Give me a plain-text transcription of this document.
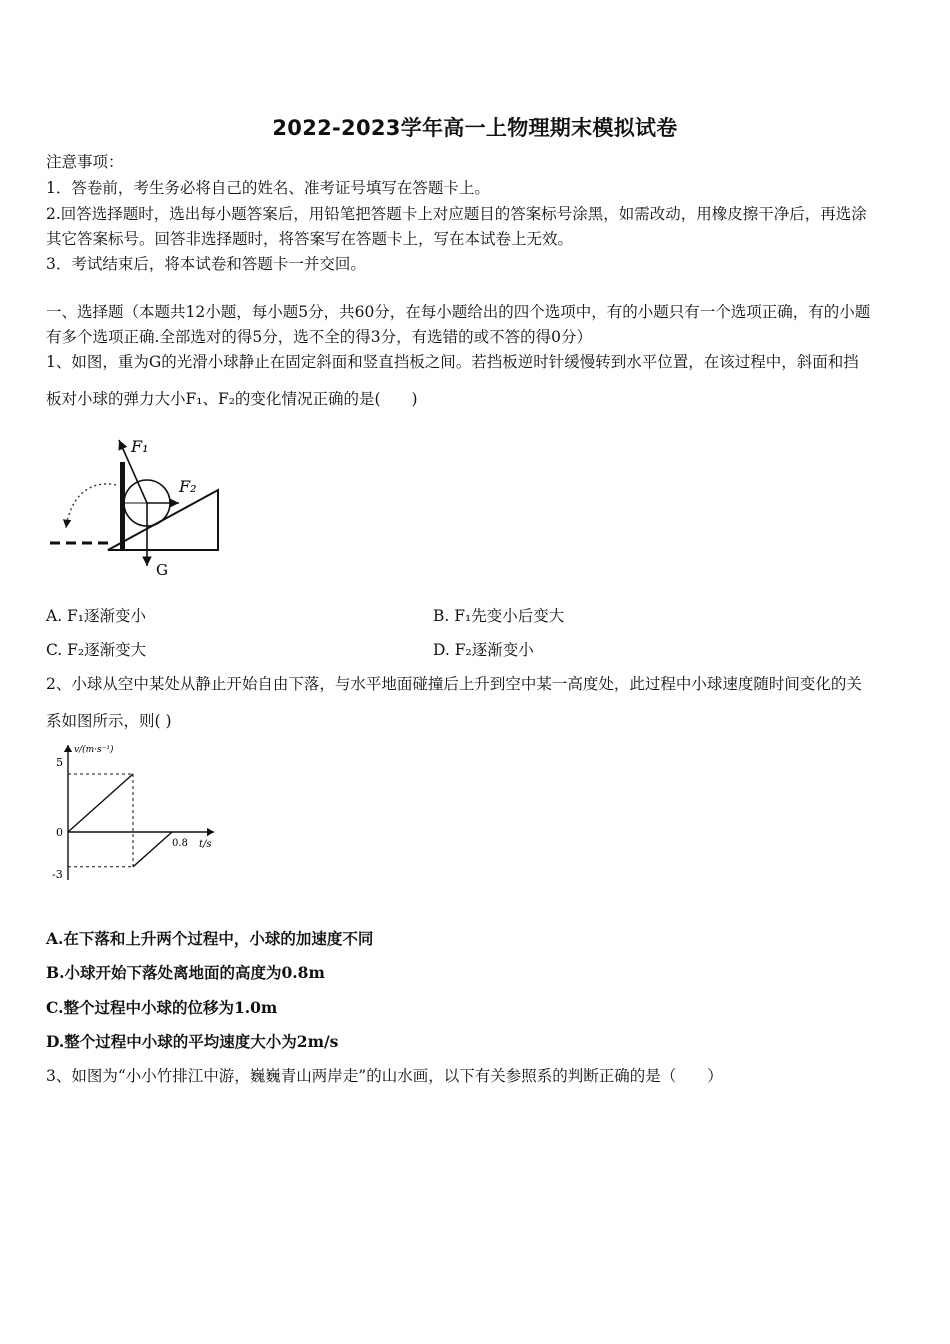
2022-2023学年高一上物理期末模拟试卷
注意事项：
1．答卷前，考生务必将自己的姓名、准考证号填写在答题卡上。
2.回答选择题时，选出每小题答案后，用铅笔把答题卡上对应题目的答案标号涂黑，如需改动，用橡皮擦干净后，再选涂
其它答案标号。回答非选择题时，将答案写在答题卡上，写在本试卷上无效。
3．考试结束后，将本试卷和答题卡一并交回。
一、选择题（本题共12小题，每小题5分，共60分，在每小题给出的四个选项中，有的小题只有一个选项正确，有的小题
有多个选项正确.全部选对的得5分，选不全的得3分，有选错的或不答的得0分）
1、如图，重为G的光滑小球静止在固定斜面和竖直挡板之间。若挡板逆时针缓慢转到水平位置，在该过程中，斜面和挡
板对小球的弹力大小F₁、F₂的变化情况正确的是(　　)
F₁
F₂
G
A. F₁逐渐变小	B. F₁先变小后变大
C. F₂逐渐变大	D. F₂逐渐变小
2、小球从空中某处从静止开始自由下落，与水平地面碰撞后上升到空中某一高度处，此过程中小球速度随时间变化的关
系如图所示，则( )
v/(m·s⁻¹)
t/s
5
-3
0
0.8
A.在下落和上升两个过程中，小球的加速度不同
B.小球开始下落处离地面的高度为0.8m
C.整个过程中小球的位移为1.0m
D.整个过程中小球的平均速度大小为2m/s
3、如图为“小小竹排江中游，巍巍青山两岸走”的山水画，以下有关参照系的判断正确的是（　　）
